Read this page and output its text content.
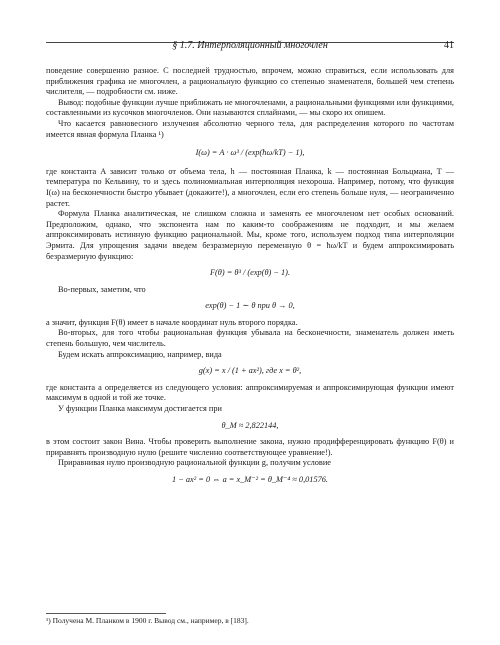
§ 1.7. Интерполяционный многочлен	41

поведение совершенно разное. С последней трудностью, впрочем, можно справиться, если использовать для приближения графика не многочлен, а рациональную функцию со степенью знаменателя, большей чем степень числителя, — подробности см. ниже.

Вывод: подобные функции лучше приближать не многочленами, а рациональными функциями или функциями, составленными из кусочков многочленов. Они называются сплайнами, — мы скоро их опишем.

Что касается равновесного излучения абсолютно черного тела, для распределения которого по частотам имеется явная формула Планка ¹)

I(ω) = A · ω³ / (exp(ħω/kT) − 1),

где константа A зависит только от объема тела, h — постоянная Планка, k — постоянная Больцмана, T — температура по Кельвину, то и здесь полиномиальная интерполяция нехороша. Например, потому, что функция I(ω) на бесконечности быстро убывает (докажите!), а многочлен, если его степень больше нуля, — неограниченно растет.

Формула Планка аналитическая, не слишком сложна и заменять ее многочленом нет особых оснований. Предположим, однако, что экспонента нам по каким-то соображениям не подходит, и мы желаем аппроксимировать истинную функцию рациональной. Мы, кроме того, используем подход типа интерполяции Эрмита. Для упрощения задачи введем безразмерную переменную θ = ħω/kT и будем аппроксимировать безразмерную функцию:

F(θ) = θ³ / (exp(θ) − 1).

Во-первых, заметим, что

exp(θ) − 1 ∼ θ при θ → 0,

а значит, функция F(θ) имеет в начале координат нуль второго порядка.

Во-вторых, для того чтобы рациональная функция убывала на бесконечности, знаменатель должен иметь степень большую, чем числитель.

Будем искать аппроксимацию, например, вида

g(x) = x / (1 + ax²), где x = θ²,

где константа a определяется из следующего условия: аппроксимируемая и аппроксимирующая функции имеют максимум в одной и той же точке.

У функции Планка максимум достигается при

θ_M ≈ 2,822144,

в этом состоит закон Вина. Чтобы проверить выполнение закона, нужно продифференцировать функцию F(θ) и приравнять производную нулю (решите численно соответствующее уравнение!).

Приравнивая нулю производную рациональной функции g, получим условие

1 − ax² = 0 ⇔ a = x_M⁻² = θ_M⁻⁴ ≈ 0,01576.
¹) Получена М. Планком в 1900 г. Вывод см., например, в [183].
